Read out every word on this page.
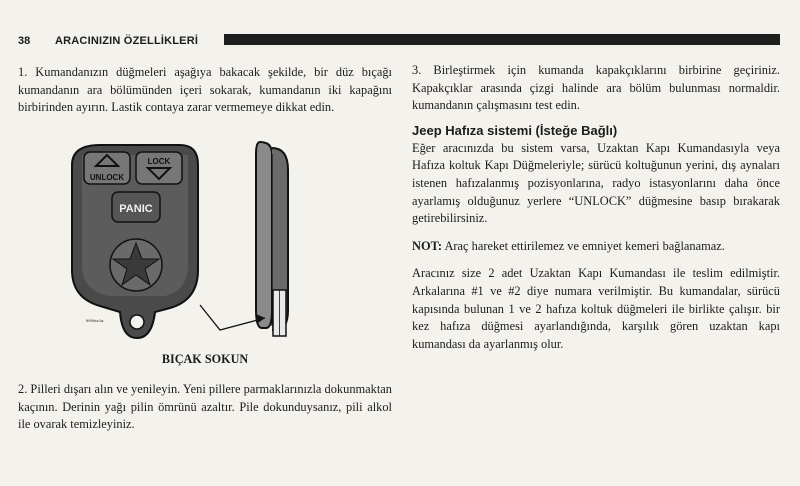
38 ARACINIZIN ÖZELLİKLERİ

1. Kumandanızın düğmeleri aşağıya bakacak şekilde, bir düz bıçağı kumandanın ara bölümünden içeri sokarak, kumandanın iki kapağını birbirinden ayırın. Lastik contaya zarar vermemeye dikkat edin.

UNLOCK
LOCK
PANIC
9999cc1a
BIÇAK SOKUN

2. Pilleri dışarı alın ve yenileyin. Yeni pillere parmaklarınızla dokunmaktan kaçının. Derinin yağı pilin ömrünü azaltır. Pile dokunduysanız, pili alkol ile ovarak temizleyiniz.

3. Birleştirmek için kumanda kapakçıklarını birbirine geçiriniz. Kapakçıklar arasında çizgi halinde ara bölüm bulunması normaldir. kumandanın çalışmasını test edin.

Jeep Hafıza sistemi (İsteğe Bağlı)

Eğer aracınızda bu sistem varsa, Uzaktan Kapı Kumandasıyla veya Hafıza koltuk Kapı Düğmeleriyle; sürücü koltuğunun yerini, dış aynaları istenen hafızalanmış pozisyonlarına, radyo istasyonlarını daha önce ayarlamış olduğunuz yerlere “UNLOCK” düğmesine basıp bırakarak getirebilirsiniz.

NOT: Araç hareket ettirilemez ve emniyet kemeri bağlanamaz.

Aracınız size 2 adet Uzaktan Kapı Kumandası ile teslim edilmiştir. Arkalarına #1 ve #2 diye numara verilmiştir. Bu kumandalar, sürücü kapısında bulunan 1 ve 2 hafıza koltuk düğmeleri ile birlikte çalışır. bir kez hafıza düğmesi ayarlandığında, karşılık gören uzaktan kapı kumandası da ayarlanmış olur.
